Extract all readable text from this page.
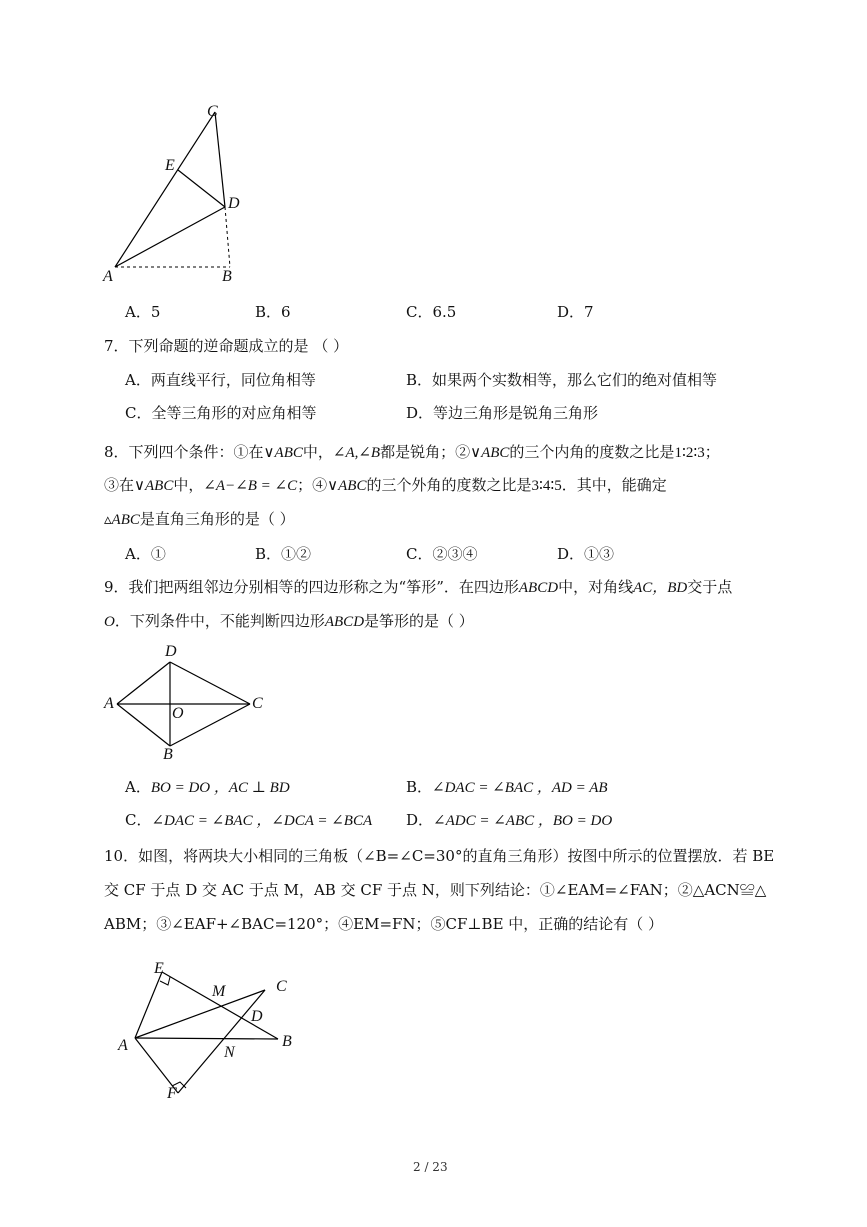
C
E
D
A	B
A．5	B．6	C．6.5	D．7
7．下列命题的逆命题成立的是 （ ）
A．两直线平行，同位角相等	B．如果两个实数相等，那么它们的绝对值相等
C．全等三角形的对应角相等	D．等边三角形是锐角三角形
8．下列四个条件：①在∨ABC中，∠A,∠B都是锐角；②∨ABC的三个内角的度数之比是1∶2∶3；
③在∨ABC中，∠A−∠B = ∠C；④∨ABC的三个外角的度数之比是3∶4∶5．其中，能确定
▵ABC是直角三角形的是（ ）
A．①	B．①②	C．②③④	D．①③
9．我们把两组邻边分别相等的四边形称之为“筝形”．在四边形ABCD中，对角线AC，BD交于点
O．下列条件中，不能判断四边形ABCD是筝形的是（ ）
D
A
O
C
B
A．BO = DO ，AC ⊥ BD	B．∠DAC = ∠BAC ，AD = AB
C．∠DAC = ∠BAC ，∠DCA = ∠BCA D．∠ADC = ∠ABC ，BO = DO
10．如图，将两块大小相同的三角板（∠B=∠C=30°的直角三角形）按图中所示的位置摆放．若 BE
交 CF 于点 D 交 AC 于点 M，AB 交 CF 于点 N，则下列结论：①∠EAM=∠FAN；②△ACN≌△
ABM；③∠EAF+∠BAC=120°；④EM=FN；⑤CF⊥BE 中，正确的结论有（ ）
E
M	C
D
A	N
B
F
2 / 23
